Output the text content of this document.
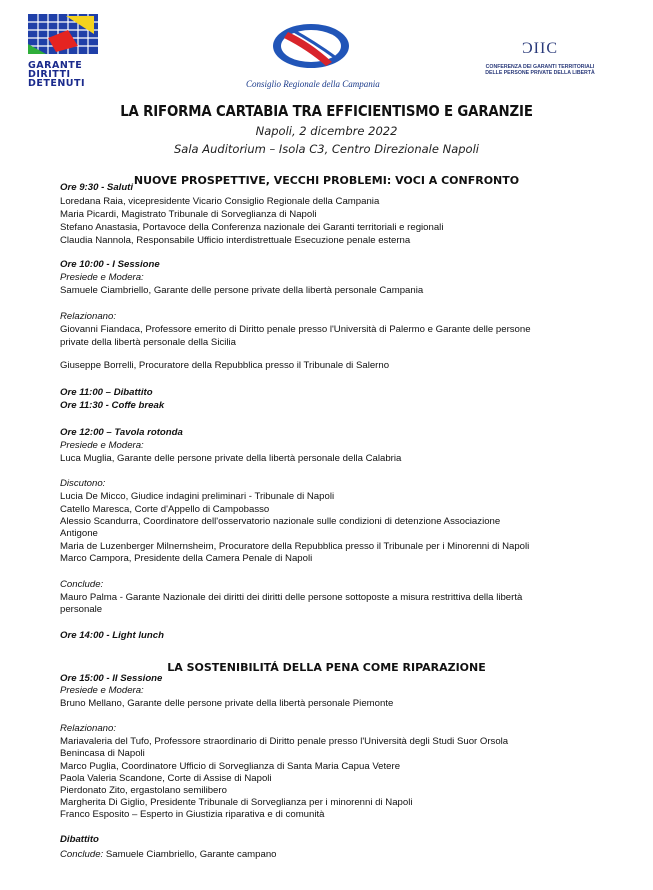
GARANTE
DIRITTI
DETENUTI	Consiglio Regionale della Campania
ƆIIC
CONFERENZA DEI GARANTI TERRITORIALI
DELLE PERSONE PRIVATE DELLA LIBERTÀ
LA RIFORMA CARTABIA TRA EFFICIENTISMO E GARANZIE
Napoli, 2 dicembre 2022
Sala Auditorium – Isola C3, Centro Direzionale Napoli
NUOVE PROSPETTIVE, VECCHI PROBLEMI: VOCI A CONFRONTO
LA SOSTENIBILITÁ DELLA PENA COME RIPARAZIONE
Ore 9:30 - Saluti
Loredana Raia, vicepresidente Vicario Consiglio Regionale della Campania
Maria Picardi, Magistrato Tribunale di Sorveglianza di Napoli
Stefano Anastasia, Portavoce della Conferenza nazionale dei Garanti territoriali e regionali
Claudia Nannola, Responsabile Ufficio interdistrettuale Esecuzione penale esterna
Ore 10:00 - I Sessione
Presiede e Modera:
Samuele Ciambriello, Garante delle persone private della libertà personale Campania
Relazionano:
Giovanni Fiandaca, Professore emerito di Diritto penale presso l'Università di Palermo e Garante delle persone
private della libertà personale della Sicilia
Giuseppe Borrelli, Procuratore della Repubblica presso il Tribunale di Salerno
Ore 11:00 – Dibattito
Ore 11:30 - Coffe break
Ore 12:00 – Tavola rotonda
Presiede e Modera:
Luca Muglia, Garante delle persone private della libertà personale della Calabria
Discutono:
Lucia De Micco, Giudice indagini preliminari - Tribunale di Napoli
Catello Maresca, Corte d'Appello di Campobasso
Alessio Scandurra, Coordinatore dell'osservatorio nazionale sulle condizioni di detenzione Associazione
Antigone
Maria de Luzenberger Milnernsheim, Procuratore della Repubblica presso il Tribunale per i Minorenni di Napoli
Marco Campora, Presidente della Camera Penale di Napoli
Conclude:
Mauro Palma - Garante Nazionale dei diritti dei diritti delle persone sottoposte a misura restrittiva della libertà
personale
Ore 14:00 - Light lunch
Ore 15:00 - II Sessione
Presiede e Modera:
Bruno Mellano, Garante delle persone private della libertà personale Piemonte
Relazionano:
Mariavaleria del Tufo, Professore straordinario di Diritto penale presso l'Università degli Studi Suor Orsola
Benincasa di Napoli
Marco Puglia, Coordinatore Ufficio di Sorveglianza di Santa Maria Capua Vetere
Paola Valeria Scandone, Corte di Assise di Napoli
Pierdonato Zito, ergastolano semilibero
Margherita Di Giglio, Presidente Tribunale di Sorveglianza per i minorenni di Napoli
Franco Esposito – Esperto in Giustizia riparativa e di comunità
Dibattito
Conclude: Samuele Ciambriello, Garante campano
